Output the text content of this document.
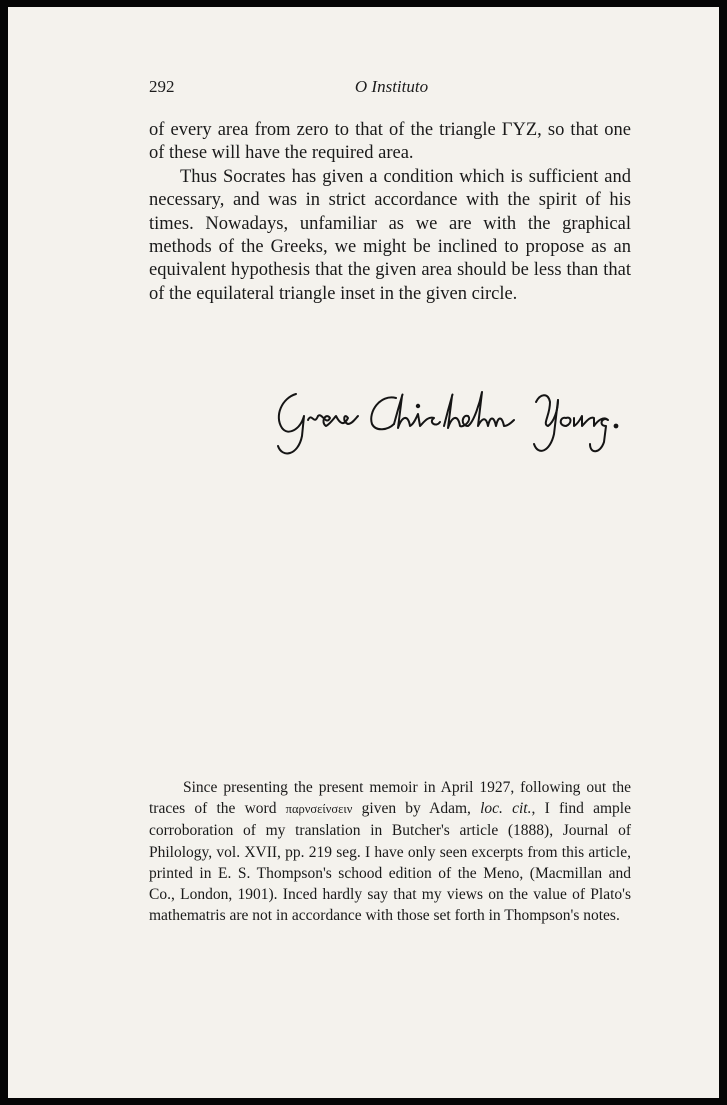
292	O Instituto

of every area from zero to that of the triangle ΓYZ, so that one of these will have the required area.

Thus Socrates has given a condition which is sufficient and necessary, and was in strict accordance with the spirit of his times. Nowadays, unfamiliar as we are with the graphical methods of the Greeks, we might be inclined to propose as an equivalent hypothesis that the given area should be less than that of the equilateral triangle inset in the given circle.

Since presenting the present memoir in April 1927, following out the traces of the word παρνσείνσειν given by Adam, loc. cit., I find ample corroboration of my translation in Butcher's article (1888), Journal of Philology, vol. XVII, pp. 219 seg. I have only seen excerpts from this article, printed in E. S. Thompson's schood edition of the Meno, (Macmillan and Co., London, 1901). Inced hardly say that my views on the value of Plato's mathematris are not in accordance with those set forth in Thompson's notes.
